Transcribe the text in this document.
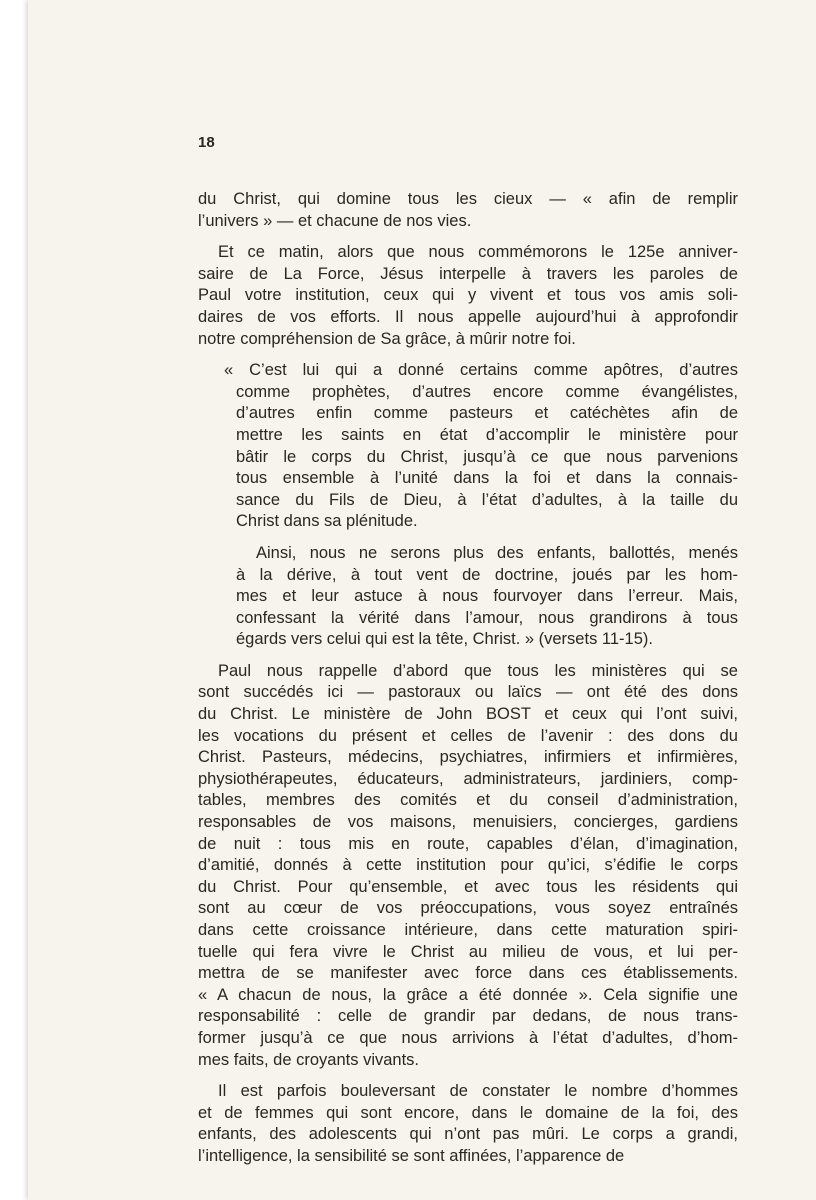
18
du Christ, qui domine tous les cieux — « afin de remplir
l’univers » — et chacune de nos vies.
Et ce matin, alors que nous commémorons le 125e anniver-
saire de La Force, Jésus interpelle à travers les paroles de
Paul votre institution, ceux qui y vivent et tous vos amis soli-
daires de vos efforts. Il nous appelle aujourd’hui à approfondir
notre compréhension de Sa grâce, à mûrir notre foi.
« C’est lui qui a donné certains comme apôtres, d’autres
comme prophètes, d’autres encore comme évangélistes,
d’autres enfin comme pasteurs et catéchètes afin de
mettre les saints en état d’accomplir le ministère pour
bâtir le corps du Christ, jusqu’à ce que nous parvenions
tous ensemble à l’unité dans la foi et dans la connais-
sance du Fils de Dieu, à l’état d’adultes, à la taille du
Christ dans sa plénitude.
Ainsi, nous ne serons plus des enfants, ballottés, menés
à la dérive, à tout vent de doctrine, joués par les hom-
mes et leur astuce à nous fourvoyer dans l’erreur. Mais,
confessant la vérité dans l’amour, nous grandirons à tous
égards vers celui qui est la tête, Christ. » (versets 11-15).
Paul nous rappelle d’abord que tous les ministères qui se
sont succédés ici — pastoraux ou laïcs — ont été des dons
du Christ. Le ministère de John BOST et ceux qui l’ont suivi,
les vocations du présent et celles de l’avenir : des dons du
Christ. Pasteurs, médecins, psychiatres, infirmiers et infirmières,
physiothérapeutes, éducateurs, administrateurs, jardiniers, comp-
tables, membres des comités et du conseil d’administration,
responsables de vos maisons, menuisiers, concierges, gardiens
de nuit : tous mis en route, capables d’élan, d’imagination,
d’amitié, donnés à cette institution pour qu’ici, s’édifie le corps
du Christ. Pour qu’ensemble, et avec tous les résidents qui
sont au cœur de vos préoccupations, vous soyez entraînés
dans cette croissance intérieure, dans cette maturation spiri-
tuelle qui fera vivre le Christ au milieu de vous, et lui per-
mettra de se manifester avec force dans ces établissements.
« A chacun de nous, la grâce a été donnée ». Cela signifie une
responsabilité : celle de grandir par dedans, de nous trans-
former jusqu’à ce que nous arrivions à l’état d’adultes, d’hom-
mes faits, de croyants vivants.
Il est parfois bouleversant de constater le nombre d’hommes
et de femmes qui sont encore, dans le domaine de la foi, des
enfants, des adolescents qui n’ont pas mûri. Le corps a grandi,
l’intelligence, la sensibilité se sont affinées, l’apparence de
